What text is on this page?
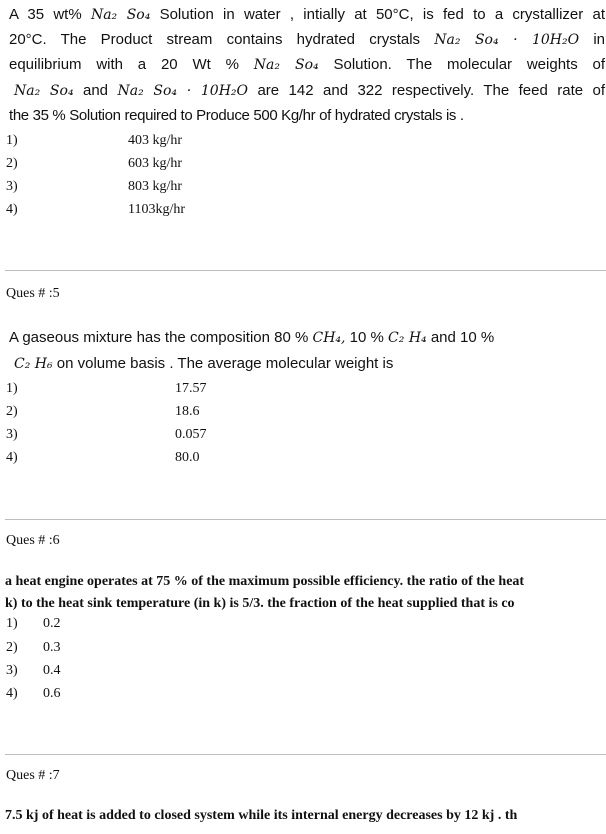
A 35 wt% Na₂ So₄ Solution in water , intially at 50°C, is fed to a crystallizer at
20°C. The Product stream contains hydrated crystals Na₂ So₄ · 10H₂O in
equilibrium with a 20 Wt % Na₂ So₄ Solution. The molecular weights of
Na₂ So₄ and Na₂ So₄ · 10H₂O are 142 and 322 respectively. The feed rate of
the 35 % Solution required to Produce 500 Kg/hr of hydrated crystals is .
1)	403 kg/hr
2)	603 kg/hr
3)	803 kg/hr
4)	1103kg/hr
Ques # :5
A gaseous mixture has the composition 80 % CH₄, 10 % C₂ H₄ and 10 %
C₂ H₆ on volume basis . The average molecular weight is
1)	17.57
2)	18.6
3)	0.057
4)	80.0
Ques # :6
a heat engine operates at 75 % of the maximum possible efficiency. the ratio of the heat
k) to the heat sink temperature (in k) is 5/3. the fraction of the heat supplied that is co
1) 0.2
2) 0.3
3) 0.4
4) 0.6
Ques # :7
7.5 kj of heat is added to closed system while its internal energy decreases by 12 kj . th
